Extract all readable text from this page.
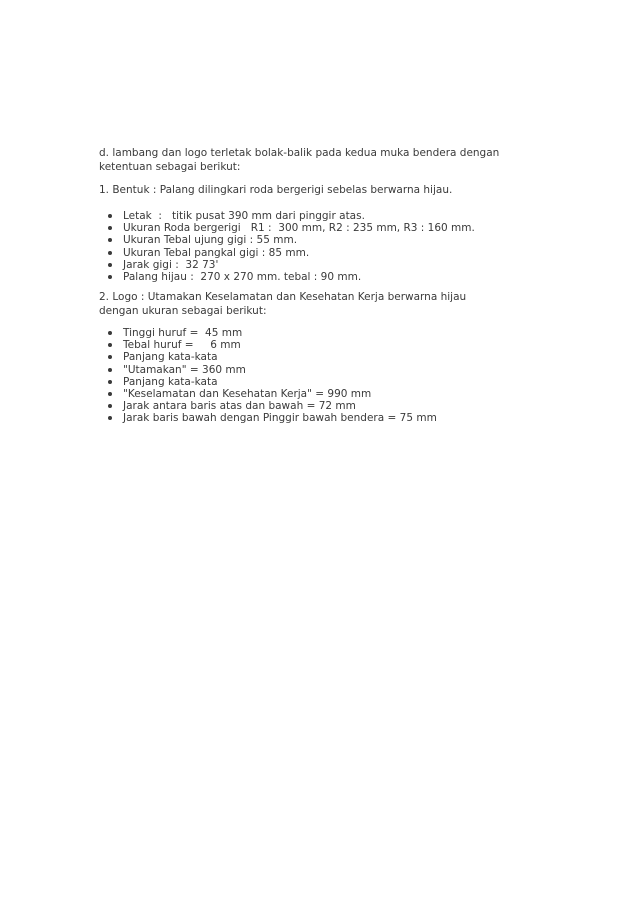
d. lambang dan logo terletak bolak-balik pada kedua muka bendera dengan ketentuan sebagai berikut:

1. Bentuk : Palang dilingkari roda bergerigi sebelas berwarna hijau.

Letak  :   titik pusat 390 mm dari pinggir atas.
Ukuran Roda bergerigi   R1 :  300 mm, R2 : 235 mm, R3 : 160 mm.
Ukuran Tebal ujung gigi : 55 mm.
Ukuran Tebal pangkal gigi : 85 mm.
Jarak gigi :  32 73'
Palang hijau :  270 x 270 mm. tebal : 90 mm.

2. Logo : Utamakan Keselamatan dan Kesehatan Kerja berwarna hijau dengan ukuran sebagai berikut:

Tinggi huruf =  45 mm
Tebal huruf =     6 mm
Panjang kata-kata
"Utamakan" = 360 mm
Panjang kata-kata
"Keselamatan dan Kesehatan Kerja" = 990 mm
Jarak antara baris atas dan bawah = 72 mm
Jarak baris bawah dengan Pinggir bawah bendera = 75 mm
